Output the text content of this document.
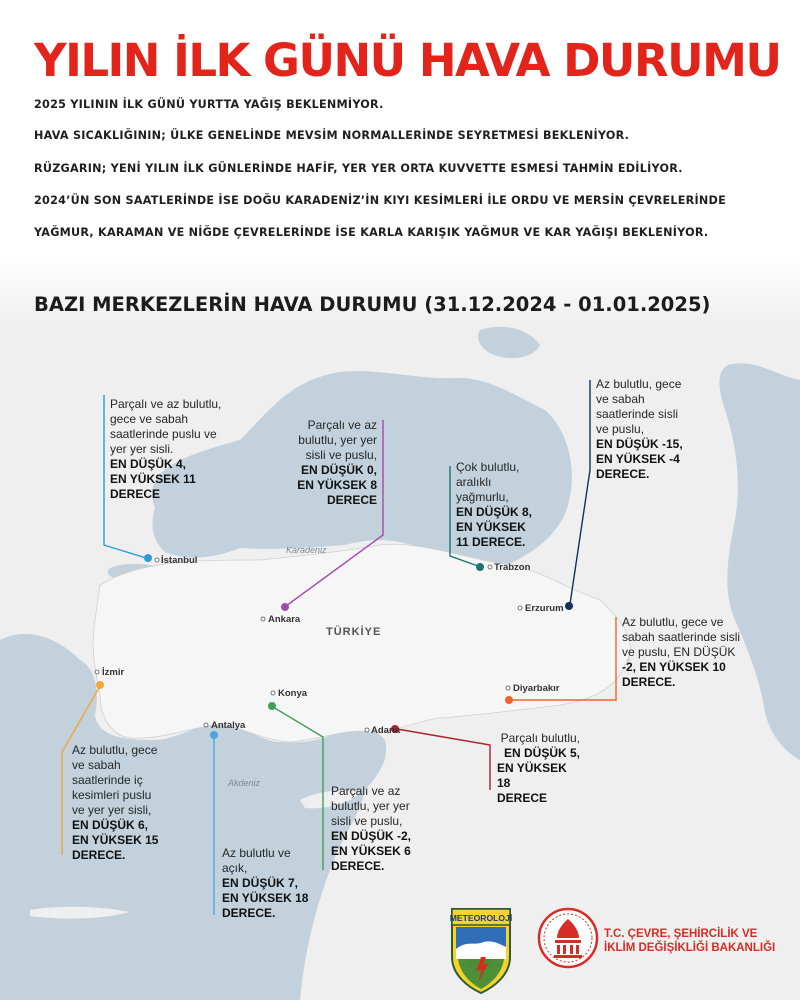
YILIN İLK GÜNÜ HAVA DURUMU
2025 YILININ İLK GÜNÜ YURTTA YAĞIŞ BEKLENMİYOR.
HAVA SICAKLIĞININ; ÜLKE GENELİNDE MEVSİM NORMALLERİNDE SEYRETMESİ BEKLENİYOR.
RÜZGARIN; YENİ YILIN İLK GÜNLERİNDE HAFİF, YER YER ORTA KUVVETTE ESMESİ TAHMİN EDİLİYOR.
2024’ÜN SON SAATLERİNDE İSE DOĞU KARADENİZ’İN KIYI KESİMLERİ İLE ORDU VE MERSİN ÇEVRELERİNDE
YAĞMUR, KARAMAN VE NİĞDE ÇEVRELERİNDE İSE KARLA KARIŞIK YAĞMUR VE KAR YAĞIŞI BEKLENİYOR.
BAZI MERKEZLERİN HAVA DURUMU (31.12.2024 - 01.01.2025)
Karadeniz
Akdeniz
TÜRKİYE
İstanbul
Ankara
Trabzon
Erzurum
Diyarbakır
İzmir
Konya
Antalya	Adana
Parçalı ve az bulutlu,
gece ve sabah
saatlerinde puslu ve
yer yer sisli.
EN DÜŞÜK 4,
EN YÜKSEK 11
DERECE
Parçalı ve az
bulutlu, yer yer
sisli ve puslu,
EN DÜŞÜK 0,
EN YÜKSEK 8
DERECE
Çok bulutlu,
aralıklı
yağmurlu,
EN DÜŞÜK 8,
EN YÜKSEK
11 DERECE.
Az bulutlu, gece
ve sabah
saatlerinde sisli
ve puslu,
EN DÜŞÜK -15,
EN YÜKSEK -4
DERECE.
Az bulutlu, gece ve
sabah saatlerinde sisli
ve puslu, EN DÜŞÜK
-2, EN YÜKSEK 10
DERECE.
Az bulutlu, gece
ve sabah
saatlerinde iç
kesimleri puslu
ve yer yer sisli,
EN DÜŞÜK 6,
EN YÜKSEK 15
DERECE.
Parçalı ve az
bulutlu, yer yer
sisli ve puslu,
EN DÜŞÜK -2,
EN YÜKSEK 6
DERECE.
Az bulutlu ve
açık,
EN DÜŞÜK 7,
EN YÜKSEK 18
DERECE.
Parçalı bulutlu,
EN DÜŞÜK 5,
EN YÜKSEK 18
DERECE
METEOROLOJİ
T.C. ÇEVRE, ŞEHİRCİLİK VE
İKLİM DEĞİŞİKLİĞİ BAKANLIĞI
